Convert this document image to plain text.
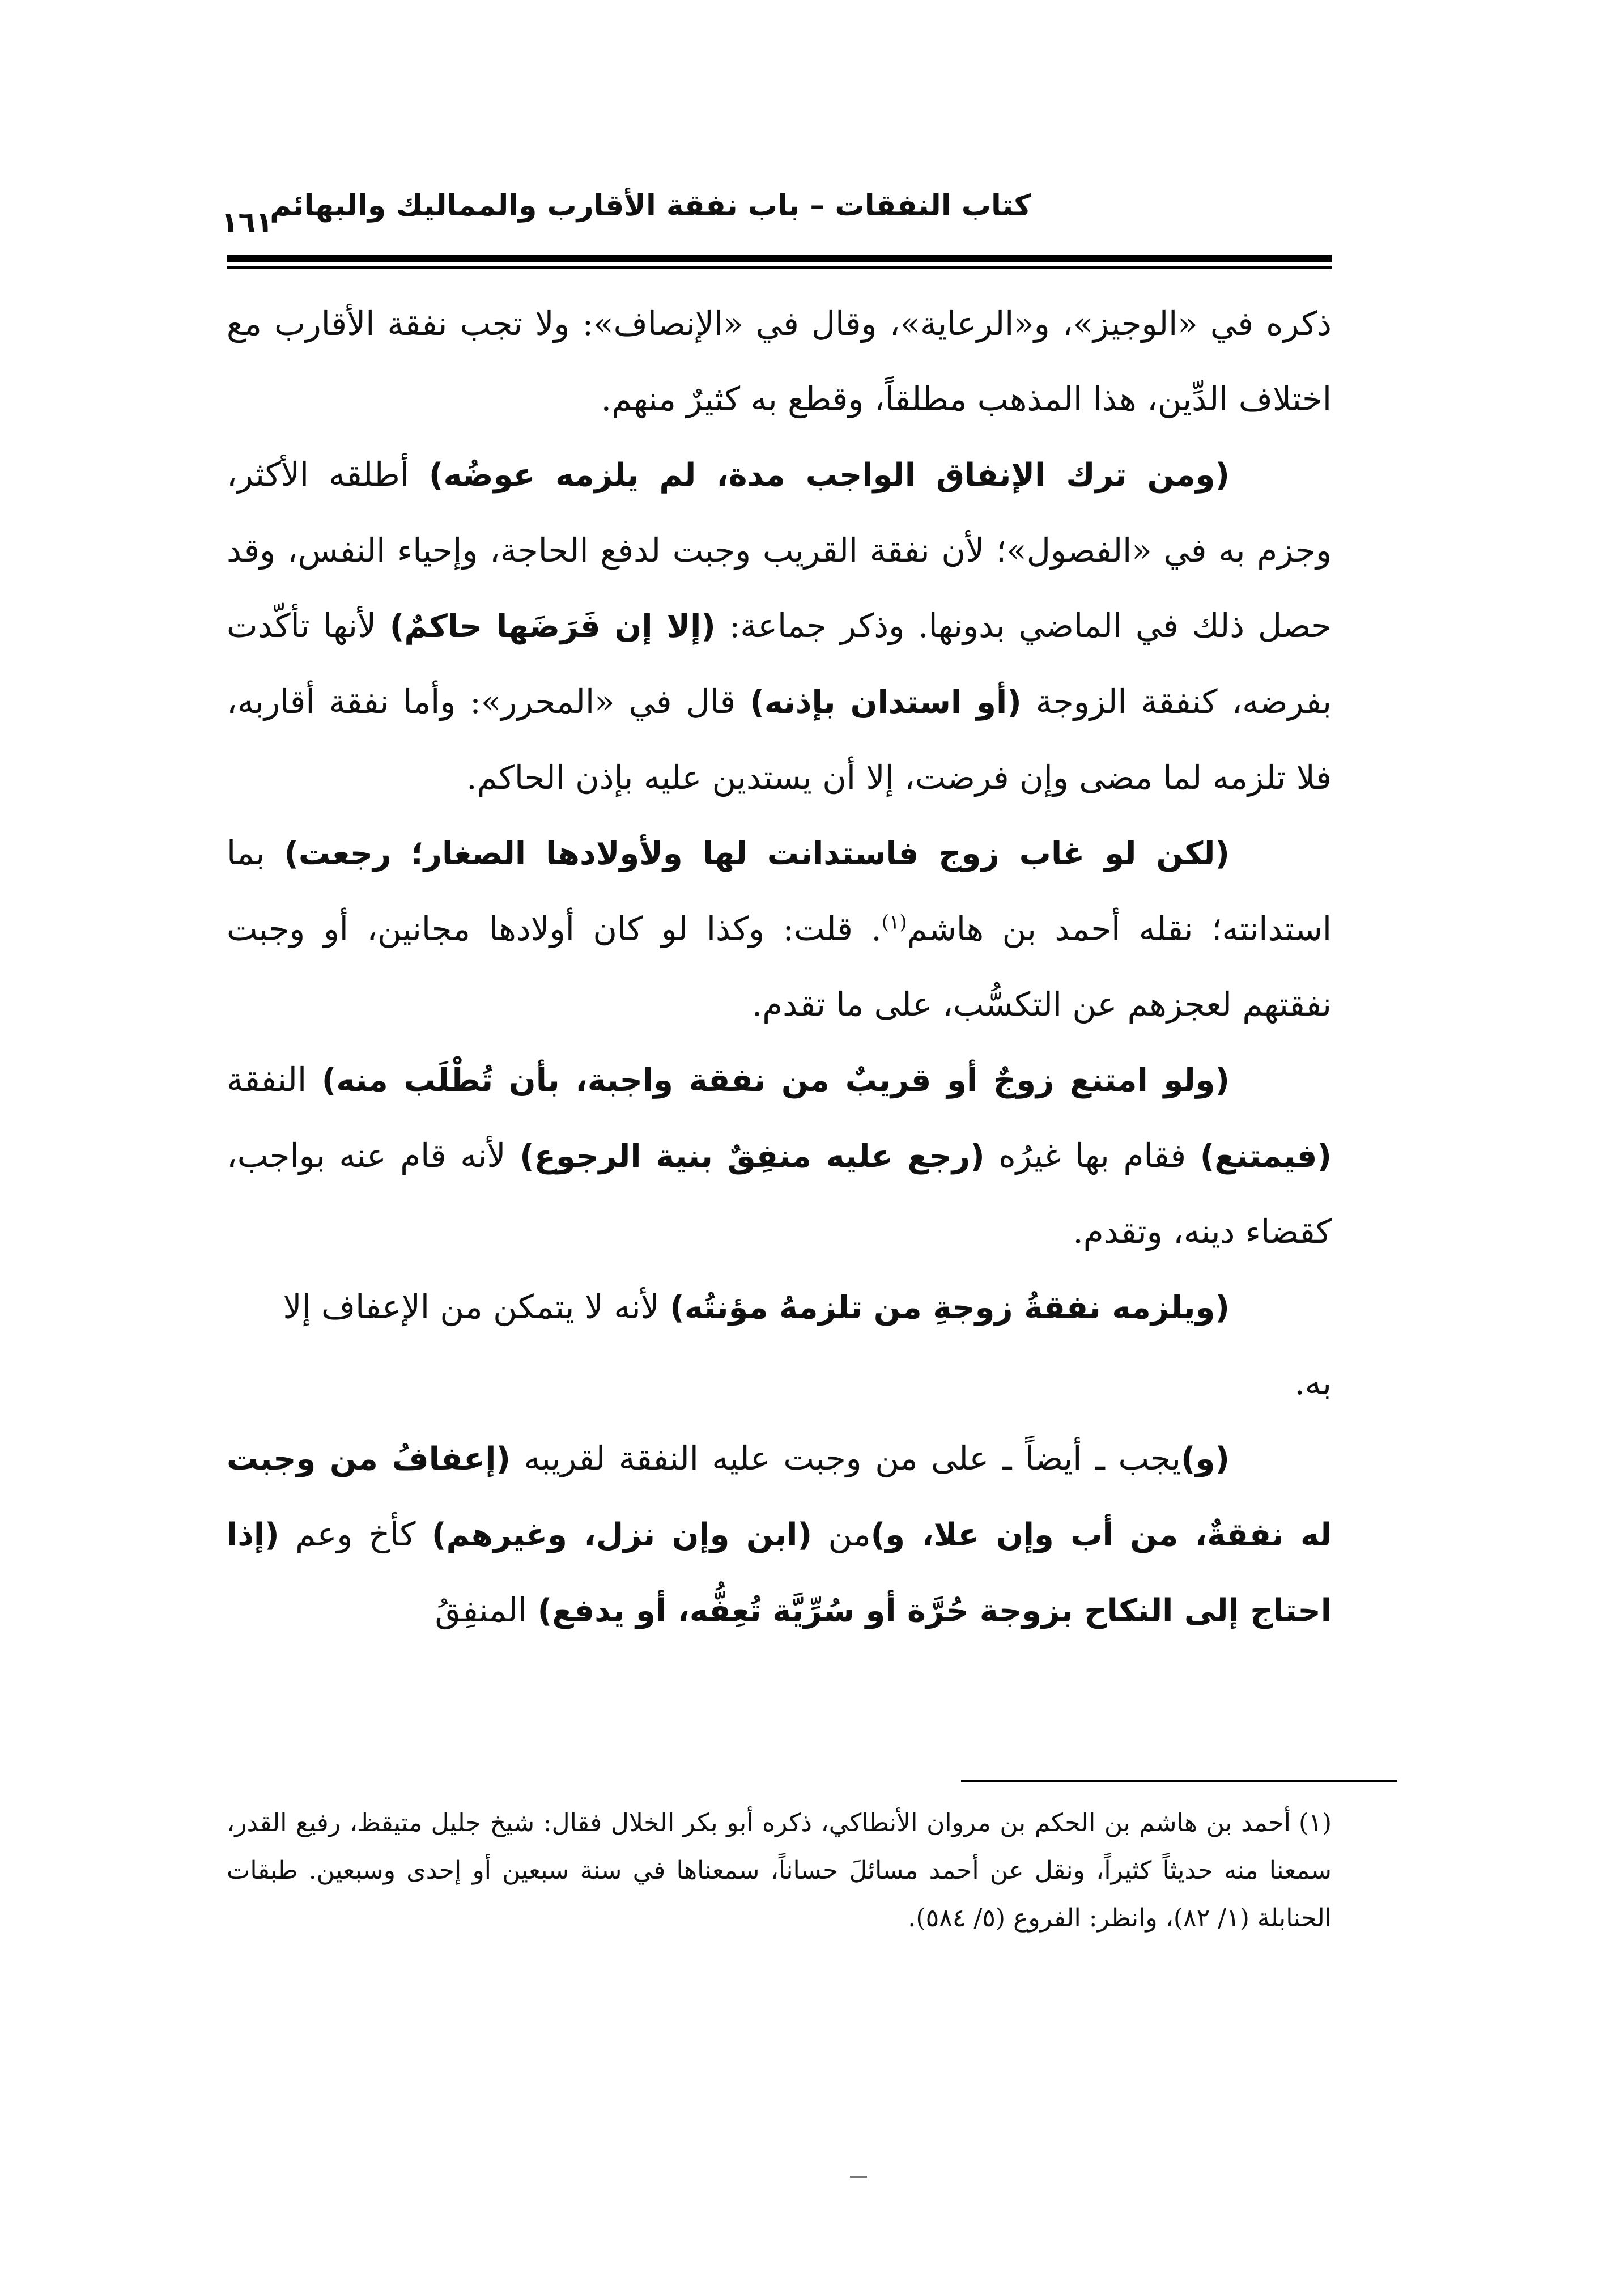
كتاب النفقات – باب نفقة الأقارب والمماليك والبهائم
١٦١

ذكره في «الوجيز»، و«الرعاية»، وقال في «الإنصاف»: ولا تجب نفقة الأقارب مع اختلاف الدِّين، هذا المذهب مطلقاً، وقطع به كثيرٌ منهم.

(ومن ترك الإنفاق الواجب مدة، لم يلزمه عوضُه) أطلقه الأكثر، وجزم به في «الفصول»؛ لأن نفقة القريب وجبت لدفع الحاجة، وإحياء النفس، وقد حصل ذلك في الماضي بدونها. وذكر جماعة: (إلا إن فَرَضَها حاكمٌ) لأنها تأكّدت بفرضه، كنفقة الزوجة (أو استدان بإذنه) قال في «المحرر»: وأما نفقة أقاربه، فلا تلزمه لما مضى وإن فرضت، إلا أن يستدين عليه بإذن الحاكم.

(لكن لو غاب زوج فاستدانت لها ولأولادها الصغار؛ رجعت) بما استدانته؛ نقله أحمد بن هاشم$^{(١)}$. قلت: وكذا لو كان أولادها مجانين، أو وجبت نفقتهم لعجزهم عن التكسُّب، على ما تقدم.

(ولو امتنع زوجٌ أو قريبٌ من نفقة واجبة، بأن تُطْلَب منه) النفقة (فيمتنع) فقام بها غيرُه (رجع عليه منفِقٌ بنية الرجوع) لأنه قام عنه بواجب، كقضاء دينه، وتقدم.

(ويلزمه نفقةُ زوجةِ من تلزمهُ مؤنتُه) لأنه لا يتمكن من الإعفاف إلا

به.

(و)يجب ـ أيضاً ـ على من وجبت عليه النفقة لقريبه (إعفافُ من وجبت له نفقةٌ، من أب وإن علا، و)من (ابن وإن نزل، وغيرهم) كأخ وعم (إذا احتاج إلى النكاح بزوجة حُرَّة أو سُرِّيَّة تُعِفُّه، أو يدفع) المنفِقُ

(١)أحمد بن هاشم بن الحكم بن مروان الأنطاكي، ذكره أبو بكر الخلال فقال: شيخ جليل متيقظ، رفيع القدر، سمعنا منه حديثاً كثيراً، ونقل عن أحمد مسائلَ حساناً، سمعناها في سنة سبعين أو إحدى وسبعين. طبقات الحنابلة (١/ ٨٢)، وانظر: الفروع (٥/ ٥٨٤).
